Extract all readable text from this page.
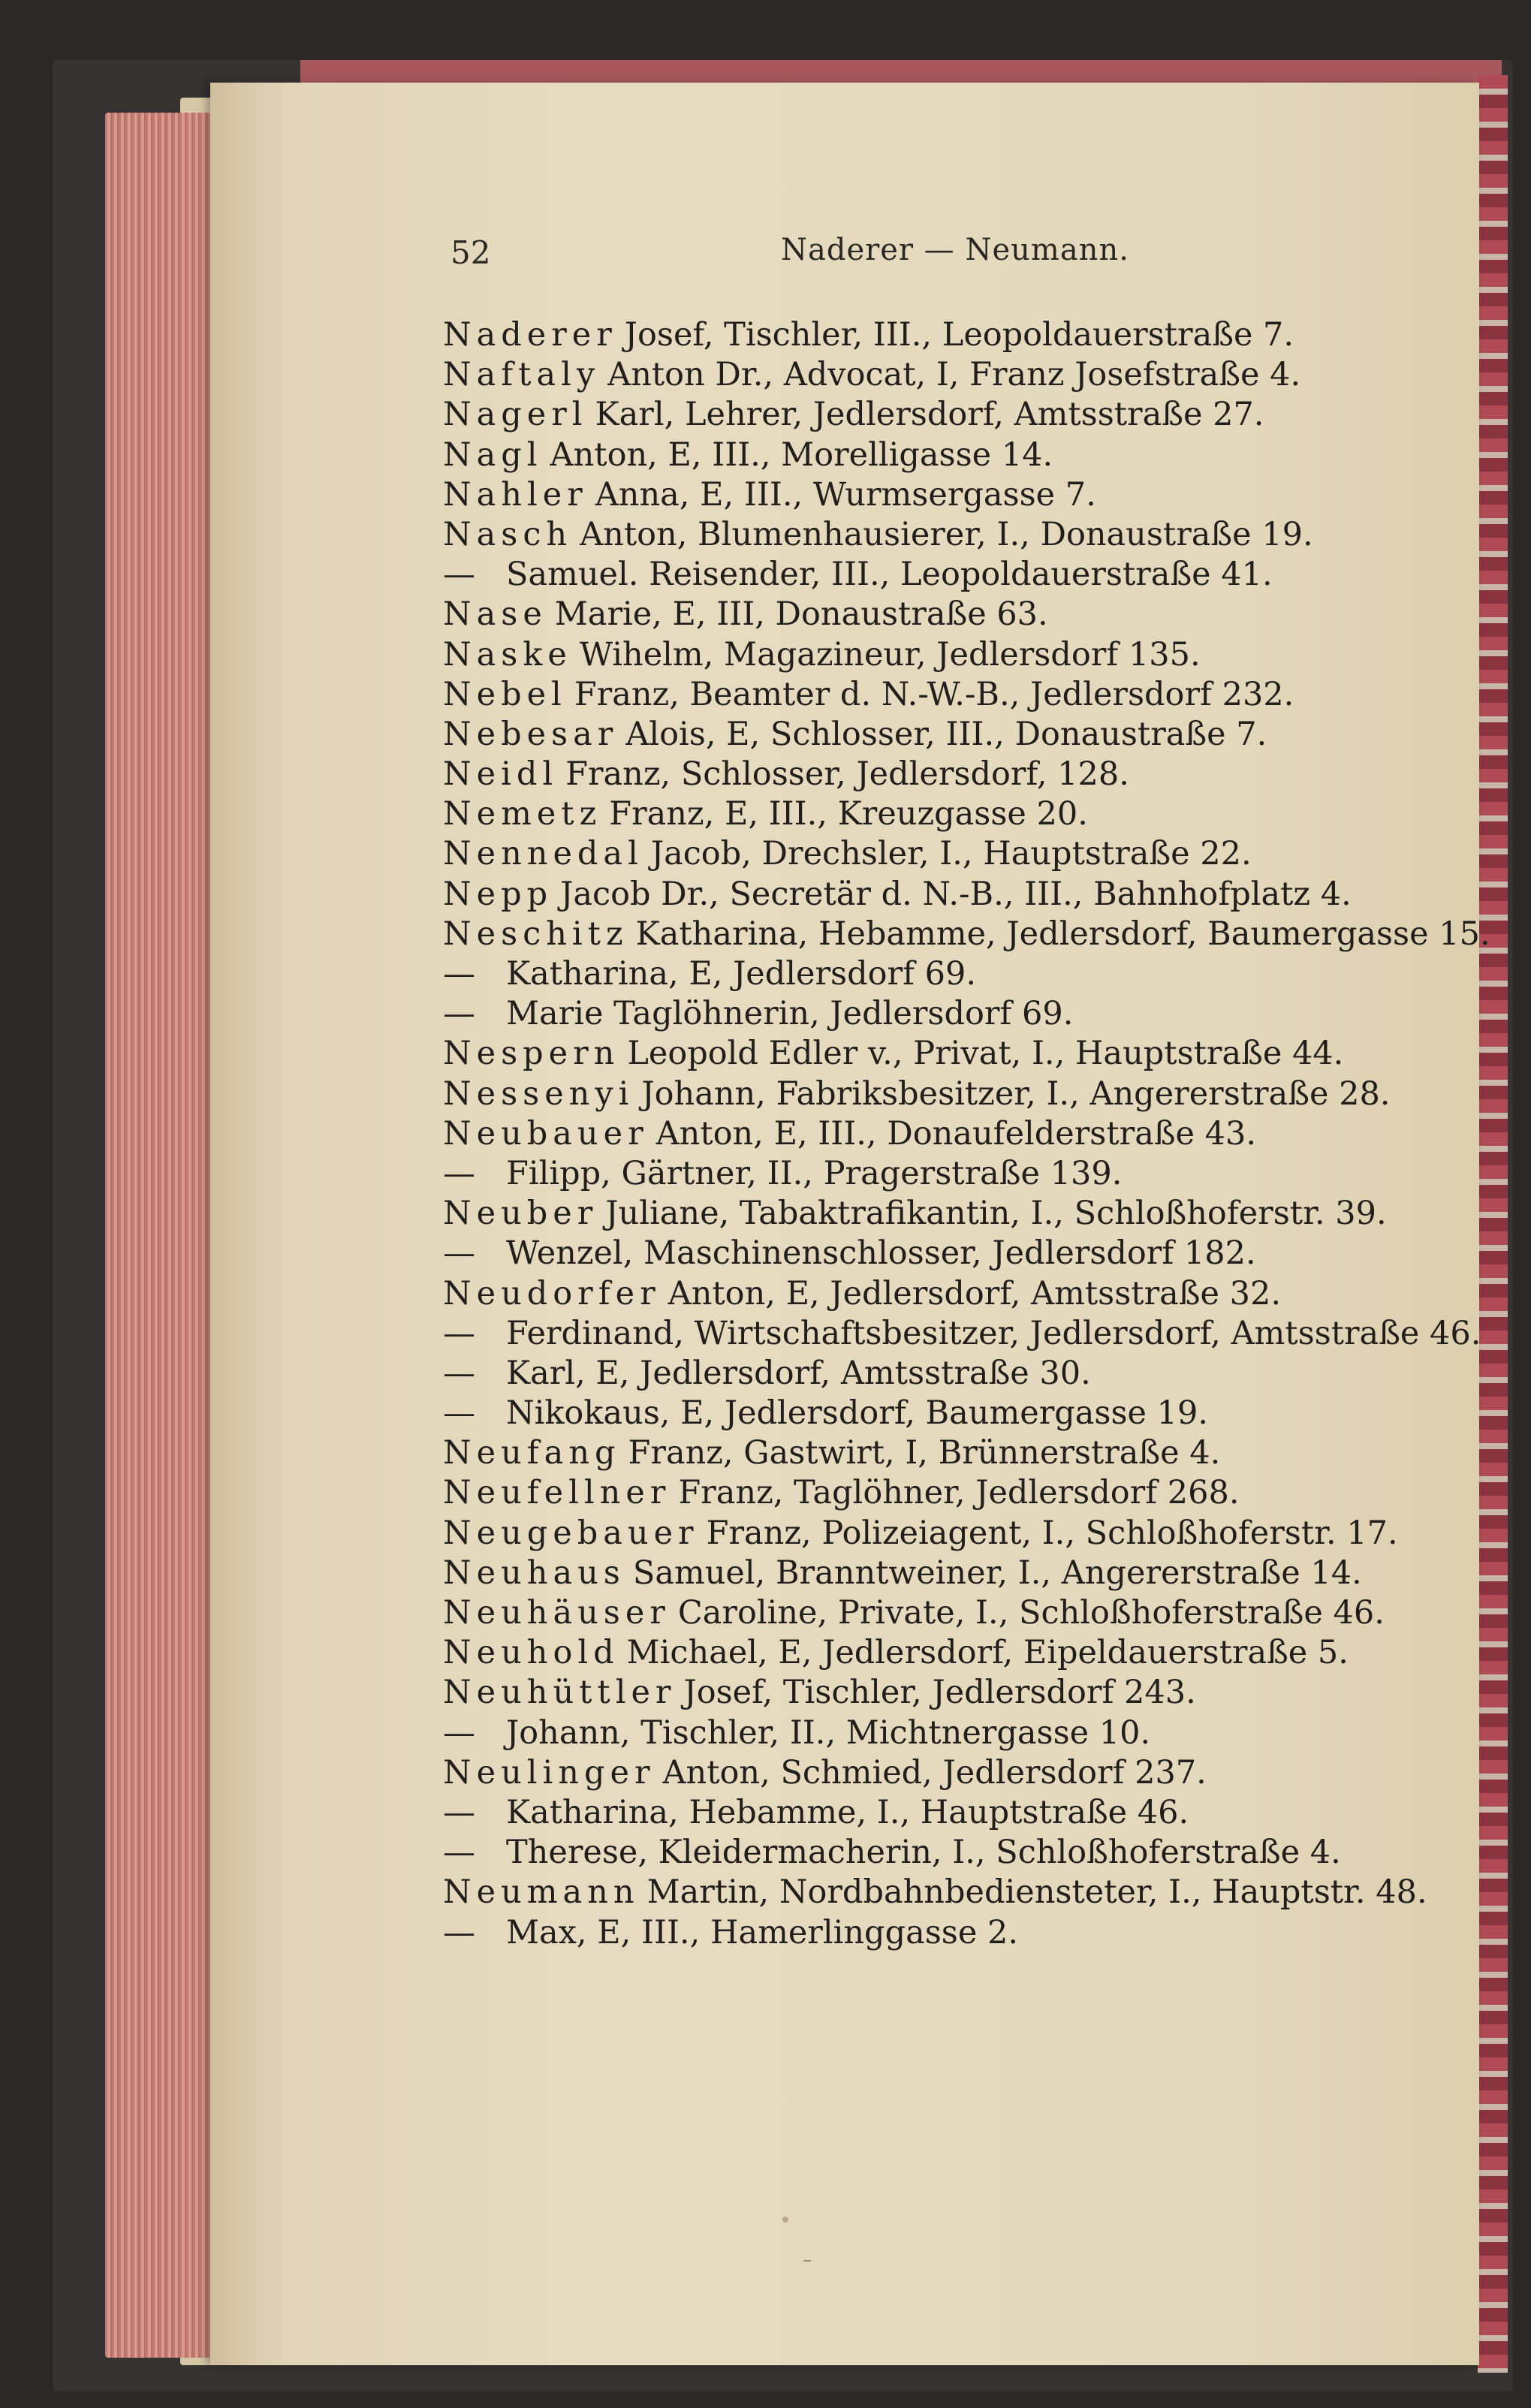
52	Naderer — Neumann.
Naderer Josef, Tischler, III., Leopoldauerstraße 7.
Naftaly Anton Dr., Advocat, I, Franz Josefstraße 4.
Nagerl Karl, Lehrer, Jedlersdorf, Amtsstraße 27.
Nagl Anton, E, III., Morelligasse 14.
Nahler Anna, E, III., Wurmsergasse 7.
Nasch Anton, Blumenhausierer, I., Donaustraße 19.
— Samuel. Reisender, III., Leopoldauerstraße 41.
Nase Marie, E, III, Donaustraße 63.
Naske Wihelm, Magazineur, Jedlersdorf 135.
Nebel Franz, Beamter d. N.-W.-B., Jedlersdorf 232.
Nebesar Alois, E, Schlosser, III., Donaustraße 7.
Neidl Franz, Schlosser, Jedlersdorf, 128.
Nemetz Franz, E, III., Kreuzgasse 20.
Nennedal Jacob, Drechsler, I., Hauptstraße 22.
Nepp Jacob Dr., Secretär d. N.-B., III., Bahnhofplatz 4.
Neschitz Katharina, Hebamme, Jedlersdorf, Baumergasse 15.
— Katharina, E, Jedlersdorf 69.
— Marie Taglöhnerin, Jedlersdorf 69.
Nespern Leopold Edler v., Privat, I., Hauptstraße 44.
Nessenyi Johann, Fabriksbesitzer, I., Angererstraße 28.
Neubauer Anton, E, III., Donaufelderstraße 43.
— Filipp, Gärtner, II., Pragerstraße 139.
Neuber Juliane, Tabaktrafikantin, I., Schloßhoferstr. 39.
— Wenzel, Maschinenschlosser, Jedlersdorf 182.
Neudorfer Anton, E, Jedlersdorf, Amtsstraße 32.
— Ferdinand, Wirtschaftsbesitzer, Jedlersdorf, Amtsstraße 46.
— Karl, E, Jedlersdorf, Amtsstraße 30.
— Nikokaus, E, Jedlersdorf, Baumergasse 19.
Neufang Franz, Gastwirt, I, Brünnerstraße 4.
Neufellner Franz, Taglöhner, Jedlersdorf 268.
Neugebauer Franz, Polizeiagent, I., Schloßhoferstr. 17.
Neuhaus Samuel, Branntweiner, I., Angererstraße 14.
Neuhäuser Caroline, Private, I., Schloßhoferstraße 46.
Neuhold Michael, E, Jedlersdorf, Eipeldauerstraße 5.
Neuhüttler Josef, Tischler, Jedlersdorf 243.
— Johann, Tischler, II., Michtnergasse 10.
Neulinger Anton, Schmied, Jedlersdorf 237.
— Katharina, Hebamme, I., Hauptstraße 46.
— Therese, Kleidermacherin, I., Schloßhoferstraße 4.
Neumann Martin, Nordbahnbediensteter, I., Hauptstr. 48.
— Max, E, III., Hamerlinggasse 2.
